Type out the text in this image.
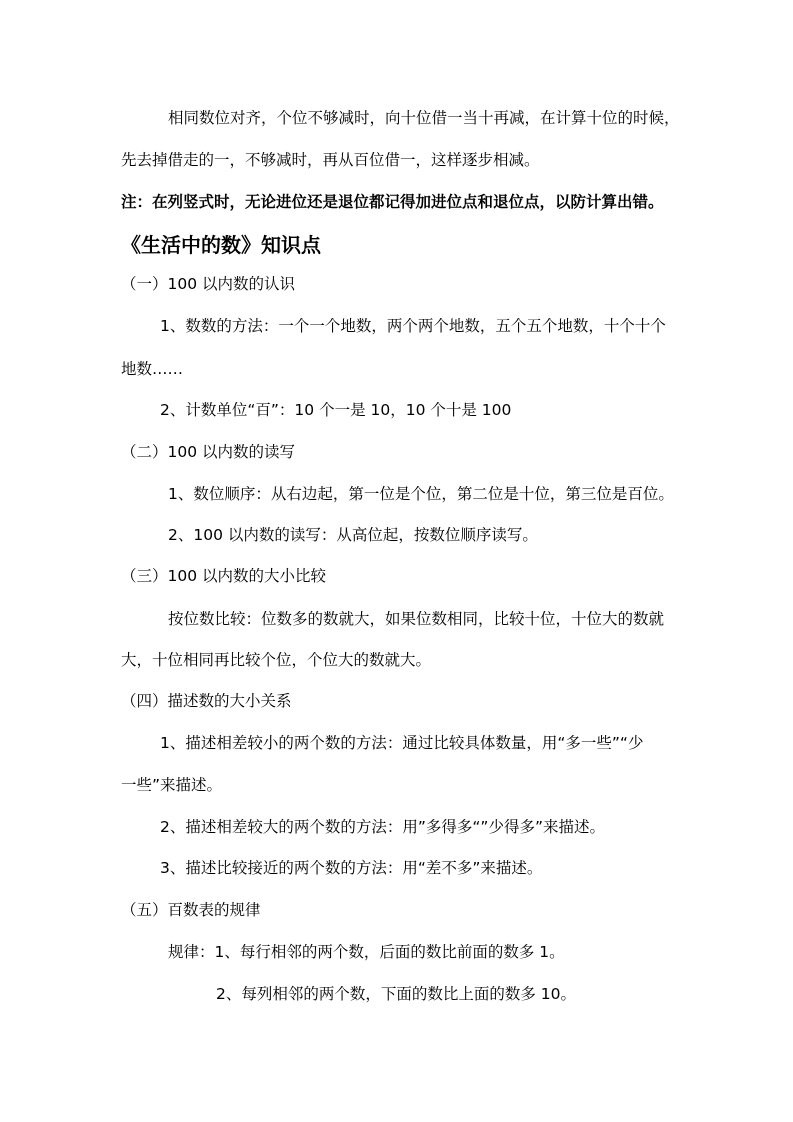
相同数位对齐，个位不够减时，向十位借一当十再减，在计算十位的时候，
先去掉借走的一，不够减时，再从百位借一，这样逐步相减。
注：在列竖式时，无论进位还是退位都记得加进位点和退位点，以防计算出错。
《生活中的数》知识点
（一）100 以内数的认识
1、数数的方法：一个一个地数，两个两个地数，五个五个地数，十个十个
地数……
2、计数单位“百”：10 个一是 10，10 个十是 100
（二）100 以内数的读写
1、数位顺序：从右边起，第一位是个位，第二位是十位，第三位是百位。
2、100 以内数的读写：从高位起，按数位顺序读写。
（三）100 以内数的大小比较
按位数比较：位数多的数就大，如果位数相同，比较十位，十位大的数就
大，十位相同再比较个位，个位大的数就大。
（四）描述数的大小关系
1、描述相差较小的两个数的方法：通过比较具体数量，用“多一些”“少
一些”来描述。
2、描述相差较大的两个数的方法：用”多得多“”少得多”来描述。
3、描述比较接近的两个数的方法：用“差不多”来描述。
（五）百数表的规律
规律：1、每行相邻的两个数，后面的数比前面的数多 1。
2、每列相邻的两个数，下面的数比上面的数多 10。
